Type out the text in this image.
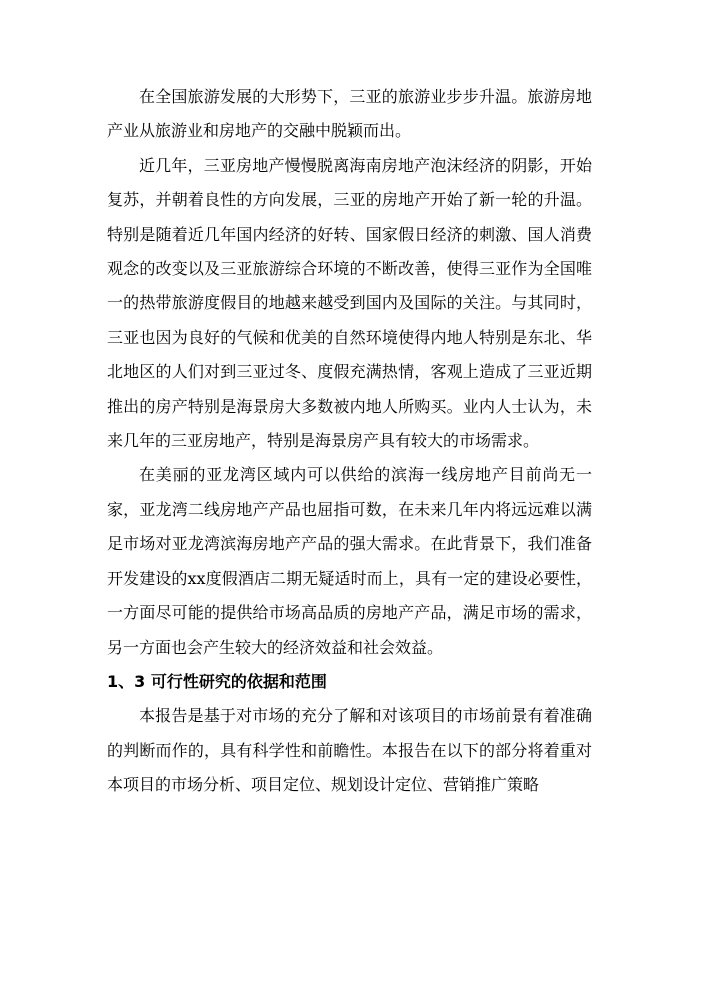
在全国旅游发展的大形势下，三亚的旅游业步步升温。旅游房地产业从旅游业和房地产的交融中脱颖而出。

近几年，三亚房地产慢慢脱离海南房地产泡沫经济的阴影，开始复苏，并朝着良性的方向发展，三亚的房地产开始了新一轮的升温。特别是随着近几年国内经济的好转、国家假日经济的刺激、国人消费观念的改变以及三亚旅游综合环境的不断改善，使得三亚作为全国唯一的热带旅游度假目的地越来越受到国内及国际的关注。与其同时，三亚也因为良好的气候和优美的自然环境使得内地人特别是东北、华北地区的人们对到三亚过冬、度假充满热情，客观上造成了三亚近期推出的房产特别是海景房大多数被内地人所购买。业内人士认为，未来几年的三亚房地产，特别是海景房产具有较大的市场需求。

在美丽的亚龙湾区域内可以供给的滨海一线房地产目前尚无一家，亚龙湾二线房地产产品也屈指可数，在未来几年内将远远难以满足市场对亚龙湾滨海房地产产品的强大需求。在此背景下，我们准备开发建设的xx度假酒店二期无疑适时而上，具有一定的建设必要性，一方面尽可能的提供给市场高品质的房地产产品，满足市场的需求，另一方面也会产生较大的经济效益和社会效益。

1、3 可行性研究的依据和范围

本报告是基于对市场的充分了解和对该项目的市场前景有着准确的判断而作的，具有科学性和前瞻性。本报告在以下的部分将着重对本项目的市场分析、项目定位、规划设计定位、营销推广策略
